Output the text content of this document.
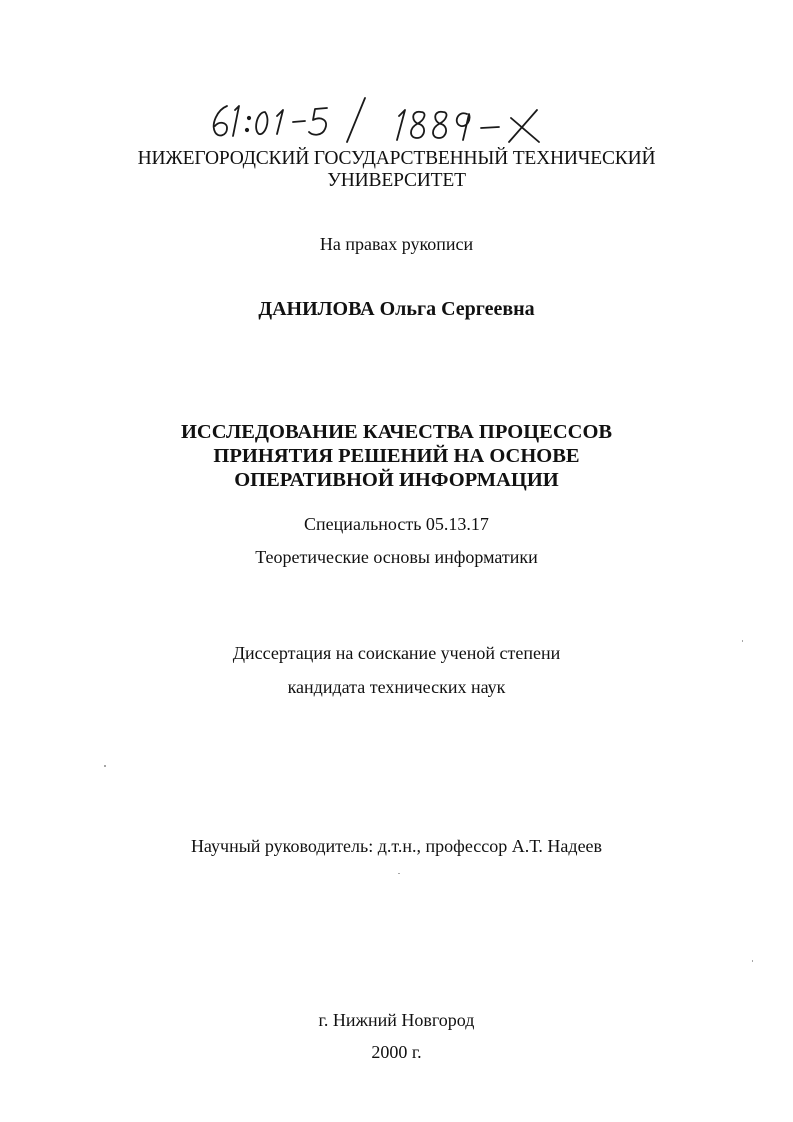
НИЖЕГОРОДСКИЙ ГОСУДАРСТВЕННЫЙ ТЕХНИЧЕСКИЙ
УНИВЕРСИТЕТ
На правах рукописи
ДАНИЛОВА Ольга Сергеевна
ИССЛЕДОВАНИЕ КАЧЕСТВА ПРОЦЕССОВ
ПРИНЯТИЯ РЕШЕНИЙ НА ОСНОВЕ
ОПЕРАТИВНОЙ ИНФОРМАЦИИ
Специальность 05.13.17
Теоретические основы информатики
Диссертация на соискание ученой степени
кандидата технических наук
Научный руководитель: д.т.н., профессор А.Т. Надеев
г. Нижний Новгород
2000 г.
